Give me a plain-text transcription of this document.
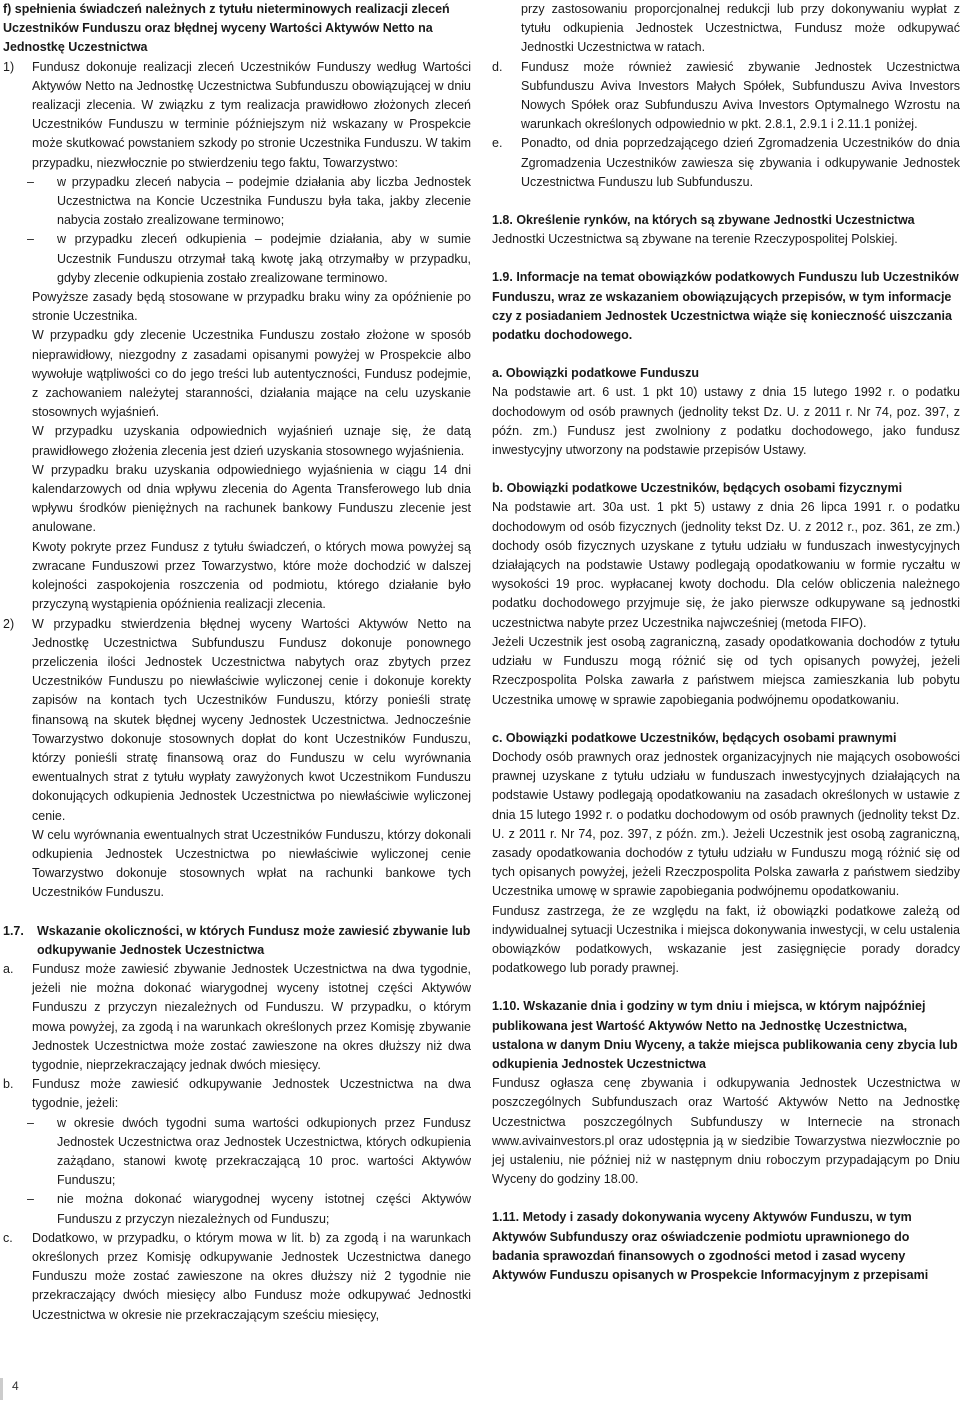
f) spełnienia świadczeń należnych z tytułu nieterminowych realizacji zleceń Uczestników Funduszu oraz błędnej wyceny Wartości Aktywów Netto na Jednostkę Uczestnictwa

1) Fundusz dokonuje realizacji zleceń Uczestników Funduszy według Wartości Aktywów Netto na Jednostkę Uczestnictwa Subfunduszu obowiązującej w dniu realizacji zlecenia. W związku z tym realizacja prawidłowo złożonych zleceń Uczestników Funduszu w terminie późniejszym niż wskazany w Prospekcie może skutkować powstaniem szkody po stronie Uczestnika Funduszu. W takim przypadku, niezwłocznie po stwierdzeniu tego faktu, Towarzystwo:

– w przypadku zleceń nabycia – podejmie działania aby liczba Jednostek Uczestnictwa na Koncie Uczestnika Funduszu była taka, jakby zlecenie nabycia zostało zrealizowane terminowo;

– w przypadku zleceń odkupienia – podejmie działania, aby w sumie Uczestnik Funduszu otrzymał taką kwotę jaką otrzymałby w przypadku, gdyby zlecenie odkupienia zostało zrealizowane terminowo.

Powyższe zasady będą stosowane w przypadku braku winy za opóźnienie po stronie Uczestnika.

W przypadku gdy zlecenie Uczestnika Funduszu zostało złożone w sposób nieprawidłowy, niezgodny z zasadami opisanymi powyżej w Prospekcie albo wywołuje wątpliwości co do jego treści lub autentyczności, Fundusz podejmie, z zachowaniem należytej staranności, działania mające na celu uzyskanie stosownych wyjaśnień.

W przypadku uzyskania odpowiednich wyjaśnień uznaje się, że datą prawidłowego złożenia zlecenia jest dzień uzyskania stosownego wyjaśnienia.

W przypadku braku uzyskania odpowiedniego wyjaśnienia w ciągu 14 dni kalendarzowych od dnia wpływu zlecenia do Agenta Transferowego lub dnia wpływu środków pieniężnych na rachunek bankowy Funduszu zlecenie jest anulowane.

Kwoty pokryte przez Fundusz z tytułu świadczeń, o których mowa powyżej są zwracane Funduszowi przez Towarzystwo, które może dochodzić w dalszej kolejności zaspokojenia roszczenia od podmiotu, którego działanie było przyczyną wystąpienia opóźnienia realizacji zlecenia.

2) W przypadku stwierdzenia błędnej wyceny Wartości Aktywów Netto na Jednostkę Uczestnictwa Subfunduszu Fundusz dokonuje ponownego przeliczenia ilości Jednostek Uczestnictwa nabytych oraz zbytych przez Uczestników Funduszu po niewłaściwie wyliczonej cenie i dokonuje korekty zapisów na kontach tych Uczestników Funduszu, którzy ponieśli stratę finansową na skutek błędnej wyceny Jednostek Uczestnictwa. Jednocześnie Towarzystwo dokonuje stosownych dopłat do kont Uczestników Funduszu, którzy ponieśli stratę finansową oraz do Funduszu w celu wyrównania ewentualnych strat z tytułu wypłaty zawyżonych kwot Uczestnikom Funduszu dokonujących odkupienia Jednostek Uczestnictwa po niewłaściwie wyliczonej cenie.

W celu wyrównania ewentualnych strat Uczestników Funduszu, którzy dokonali odkupienia Jednostek Uczestnictwa po niewłaściwie wyliczonej cenie Towarzystwo dokonuje stosownych wpłat na rachunki bankowe tych Uczestników Funduszu.

1.7. Wskazanie okoliczności, w których Fundusz może zawiesić zbywanie lub odkupywanie Jednostek Uczestnictwa
a. Fundusz może zawiesić zbywanie Jednostek Uczestnictwa na dwa tygodnie, jeżeli nie można dokonać wiarygodnej wyceny istotnej części Aktywów Funduszu z przyczyn niezależnych od Funduszu. W przypadku, o którym mowa powyżej, za zgodą i na warunkach określonych przez Komisję zbywanie Jednostek Uczestnictwa może zostać zawieszone na okres dłuższy niż dwa tygodnie, nieprzekraczający jednak dwóch miesięcy.

b. Fundusz może zawiesić odkupywanie Jednostek Uczestnictwa na dwa tygodnie, jeżeli:

– w okresie dwóch tygodni suma wartości odkupionych przez Fundusz Jednostek Uczestnictwa oraz Jednostek Uczestnictwa, których odkupienia zażądano, stanowi kwotę przekraczającą 10 proc. wartości Aktywów Funduszu;

– nie można dokonać wiarygodnej wyceny istotnej części Aktywów Funduszu z przyczyn niezależnych od Funduszu;

c. Dodatkowo, w przypadku, o którym mowa w lit. b) za zgodą i na warunkach określonych przez Komisję odkupywanie Jednostek Uczestnictwa danego Funduszu może zostać zawieszone na okres dłuższy niż 2 tygodnie nie przekraczający dwóch miesięcy albo Fundusz może odkupywać Jednostki Uczestnictwa w okresie nie przekraczającym sześciu miesięcy,

przy zastosowaniu proporcjonalnej redukcji lub przy dokonywaniu wypłat z tytułu odkupienia Jednostek Uczestnictwa, Fundusz może odkupywać Jednostki Uczestnictwa w ratach.

d. Fundusz może również zawiesić zbywanie Jednostek Uczestnictwa Subfunduszu Aviva Investors Małych Spółek, Subfunduszu Aviva Investors Nowych Spółek oraz Subfunduszu Aviva Investors Optymalnego Wzrostu na warunkach określonych odpowiednio w pkt. 2.8.1, 2.9.1 i 2.11.1 poniżej.

e. Ponadto, od dnia poprzedzającego dzień Zgromadzenia Uczestników do dnia Zgromadzenia Uczestników zawiesza się zbywania i odkupywanie Jednostek Uczestnictwa Funduszu lub Subfunduszu.

1.8. Określenie rynków, na których są zbywane Jednostki Uczestnictwa

Jednostki Uczestnictwa są zbywane na terenie Rzeczypospolitej Polskiej.

1.9. Informacje na temat obowiązków podatkowych Funduszu lub Uczestników Funduszu, wraz ze wskazaniem obowiązujących przepisów, w tym informacje czy z posiadaniem Jednostek Uczestnictwa wiąże się konieczność uiszczania podatku dochodowego.

a. Obowiązki podatkowe Funduszu

Na podstawie art. 6 ust. 1 pkt 10) ustawy z dnia 15 lutego 1992 r. o podatku dochodowym od osób prawnych (jednolity tekst Dz. U. z 2011 r. Nr 74, poz. 397, z późn. zm.) Fundusz jest zwolniony z podatku dochodowego, jako fundusz inwestycyjny utworzony na podstawie przepisów Ustawy.

b. Obowiązki podatkowe Uczestników, będących osobami fizycznymi

Na podstawie art. 30a ust. 1 pkt 5) ustawy z dnia 26 lipca 1991 r. o podatku dochodowym od osób fizycznych (jednolity tekst Dz. U. z 2012 r., poz. 361, ze zm.) dochody osób fizycznych uzyskane z tytułu udziału w funduszach inwestycyjnych działających na podstawie Ustawy podlegają opodatkowaniu w formie ryczałtu w wysokości 19 proc. wypłacanej kwoty dochodu. Dla celów obliczenia należnego podatku dochodowego przyjmuje się, że jako pierwsze odkupywane są jednostki uczestnictwa nabyte przez Uczestnika najwcześniej (metoda FIFO).

Jeżeli Uczestnik jest osobą zagraniczną, zasady opodatkowania dochodów z tytułu udziału w Funduszu mogą różnić się od tych opisanych powyżej, jeżeli Rzeczpospolita Polska zawarła z państwem miejsca zamieszkania lub pobytu Uczestnika umowę w sprawie zapobiegania podwójnemu opodatkowaniu.

c. Obowiązki podatkowe Uczestników, będących osobami prawnymi

Dochody osób prawnych oraz jednostek organizacyjnych nie mających osobowości prawnej uzyskane z tytułu udziału w funduszach inwestycyjnych działających na podstawie Ustawy podlegają opodatkowaniu na zasadach określonych w ustawie z dnia 15 lutego 1992 r. o podatku dochodowym od osób prawnych (jednolity tekst Dz. U. z 2011 r. Nr 74, poz. 397, z późn. zm.). Jeżeli Uczestnik jest osobą zagraniczną, zasady opodatkowania dochodów z tytułu udziału w Funduszu mogą różnić się od tych opisanych powyżej, jeżeli Rzeczpospolita Polska zawarła z państwem siedziby Uczestnika umowę w sprawie zapobiegania podwójnemu opodatkowaniu.

Fundusz zastrzega, że ze względu na fakt, iż obowiązki podatkowe zależą od indywidualnej sytuacji Uczestnika i miejsca dokonywania inwestycji, w celu ustalenia obowiązków podatkowych, wskazanie jest zasięgnięcie porady doradcy podatkowego lub porady prawnej.

1.10. Wskazanie dnia i godziny w tym dniu i miejsca, w którym najpóźniej publikowana jest Wartość Aktywów Netto na Jednostkę Uczestnictwa, ustalona w danym Dniu Wyceny, a także miejsca publikowania ceny zbycia lub odkupienia Jednostek Uczestnictwa

Fundusz ogłasza cenę zbywania i odkupywania Jednostek Uczestnictwa w poszczególnych Subfunduszach oraz Wartość Aktywów Netto na Jednostkę Uczestnictwa poszczególnych Subfunduszy w Internecie na stronach www.avivainvestors.pl oraz udostępnia ją w siedzibie Towarzystwa niezwłocznie po jej ustaleniu, nie później niż w następnym dniu roboczym przypadającym po Dniu Wyceny do godziny 18.00.

1.11. Metody i zasady dokonywania wyceny Aktywów Funduszu, w tym Aktywów Subfunduszy oraz oświadczenie podmiotu uprawnionego do badania sprawozdań finansowych o zgodności metod i zasad wyceny Aktywów Funduszu opisanych w Prospekcie Informacyjnym z przepisami

4
